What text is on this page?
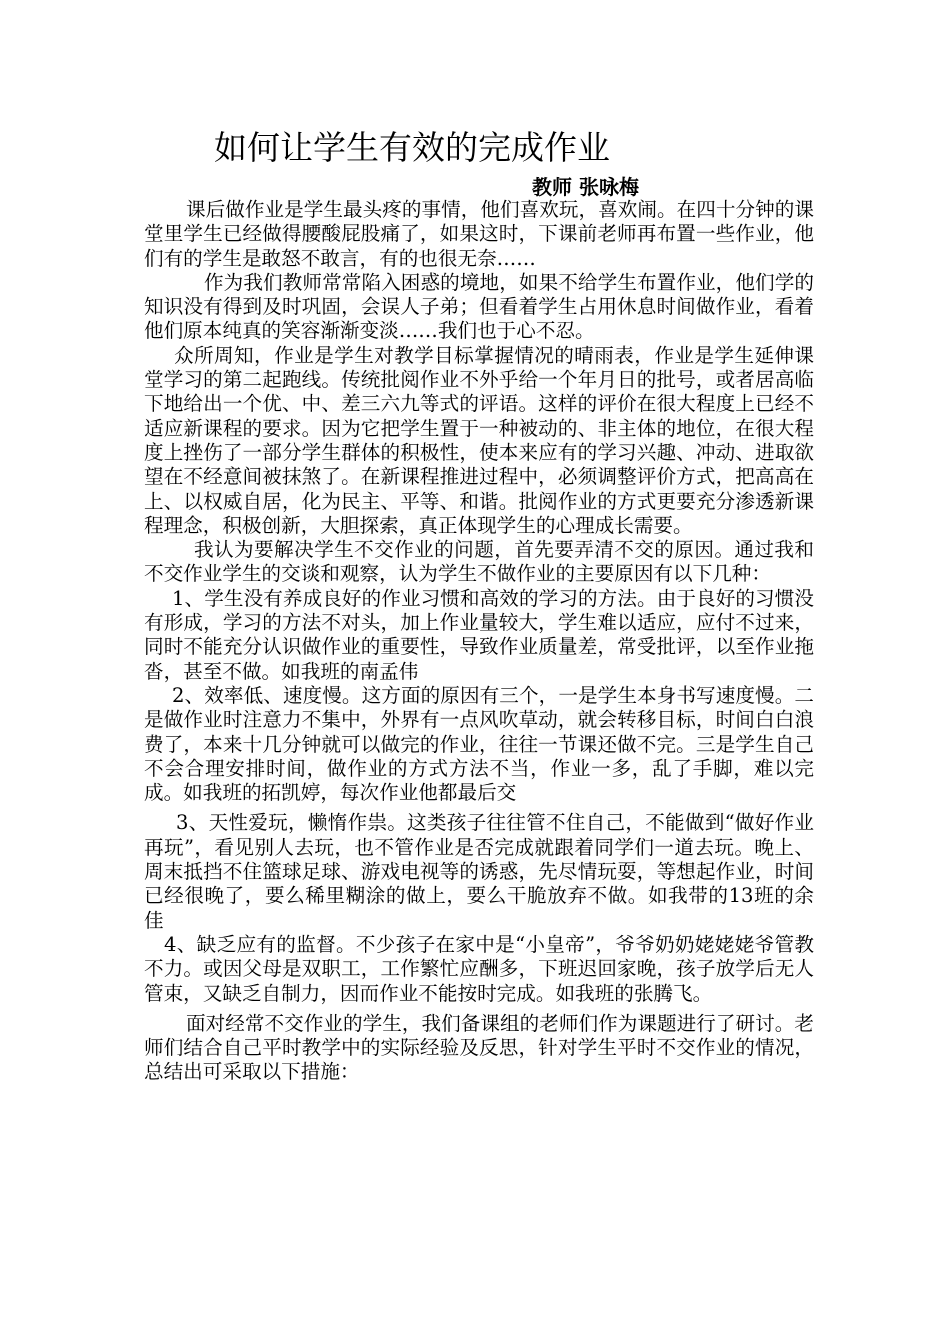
如何让学生有效的完成作业
教师 张咏梅

课后做作业是学生最头疼的事情，他们喜欢玩，喜欢闹。在四十分钟的课堂里学生已经做得腰酸屁股痛了，如果这时，下课前老师再布置一些作业，他们有的学生是敢怒不敢言，有的也很无奈……

作为我们教师常常陷入困惑的境地，如果不给学生布置作业，他们学的知识没有得到及时巩固，会误人子弟；但看着学生占用休息时间做作业，看着他们原本纯真的笑容渐渐变淡……我们也于心不忍。

众所周知，作业是学生对教学目标掌握情况的晴雨表，作业是学生延伸课堂学习的第二起跑线。传统批阅作业不外乎给一个年月日的批号，或者居高临下地给出一个优、中、差三六九等式的评语。这样的评价在很大程度上已经不适应新课程的要求。因为它把学生置于一种被动的、非主体的地位，在很大程度上挫伤了一部分学生群体的积极性，使本来应有的学习兴趣、冲动、进取欲望在不经意间被抹煞了。在新课程推进过程中，必须调整评价方式，把高高在上、以权威自居，化为民主、平等、和谐。批阅作业的方式更要充分渗透新课程理念，积极创新，大胆探索，真正体现学生的心理成长需要。

我认为要解决学生不交作业的问题，首先要弄清不交的原因。通过我和不交作业学生的交谈和观察，认为学生不做作业的主要原因有以下几种：

1、学生没有养成良好的作业习惯和高效的学习的方法。由于良好的习惯没有形成，学习的方法不对头，加上作业量较大，学生难以适应，应付不过来，同时不能充分认识做作业的重要性，导致作业质量差，常受批评，以至作业拖沓，甚至不做。如我班的南孟伟

2、效率低、速度慢。这方面的原因有三个，一是学生本身书写速度慢。二是做作业时注意力不集中，外界有一点风吹草动，就会转移目标，时间白白浪费了，本来十几分钟就可以做完的作业，往往一节课还做不完。三是学生自己不会合理安排时间，做作业的方式方法不当，作业一多，乱了手脚，难以完成。如我班的拓凯婷，每次作业他都最后交

3、天性爱玩，懒惰作祟。这类孩子往往管不住自己，不能做到“做好作业再玩”，看见别人去玩，也不管作业是否完成就跟着同学们一道去玩。晚上、周末抵挡不住篮球足球、游戏电视等的诱惑，先尽情玩耍，等想起作业，时间已经很晚了，要么稀里糊涂的做上，要么干脆放弃不做。如我带的13班的余佳

4、缺乏应有的监督。不少孩子在家中是“小皇帝”，爷爷奶奶姥姥姥爷管教不力。或因父母是双职工，工作繁忙应酬多，下班迟回家晚，孩子放学后无人管束，又缺乏自制力，因而作业不能按时完成。如我班的张腾飞。

面对经常不交作业的学生，我们备课组的老师们作为课题进行了研讨。老师们结合自己平时教学中的实际经验及反思，针对学生平时不交作业的情况，总结出可采取以下措施：
